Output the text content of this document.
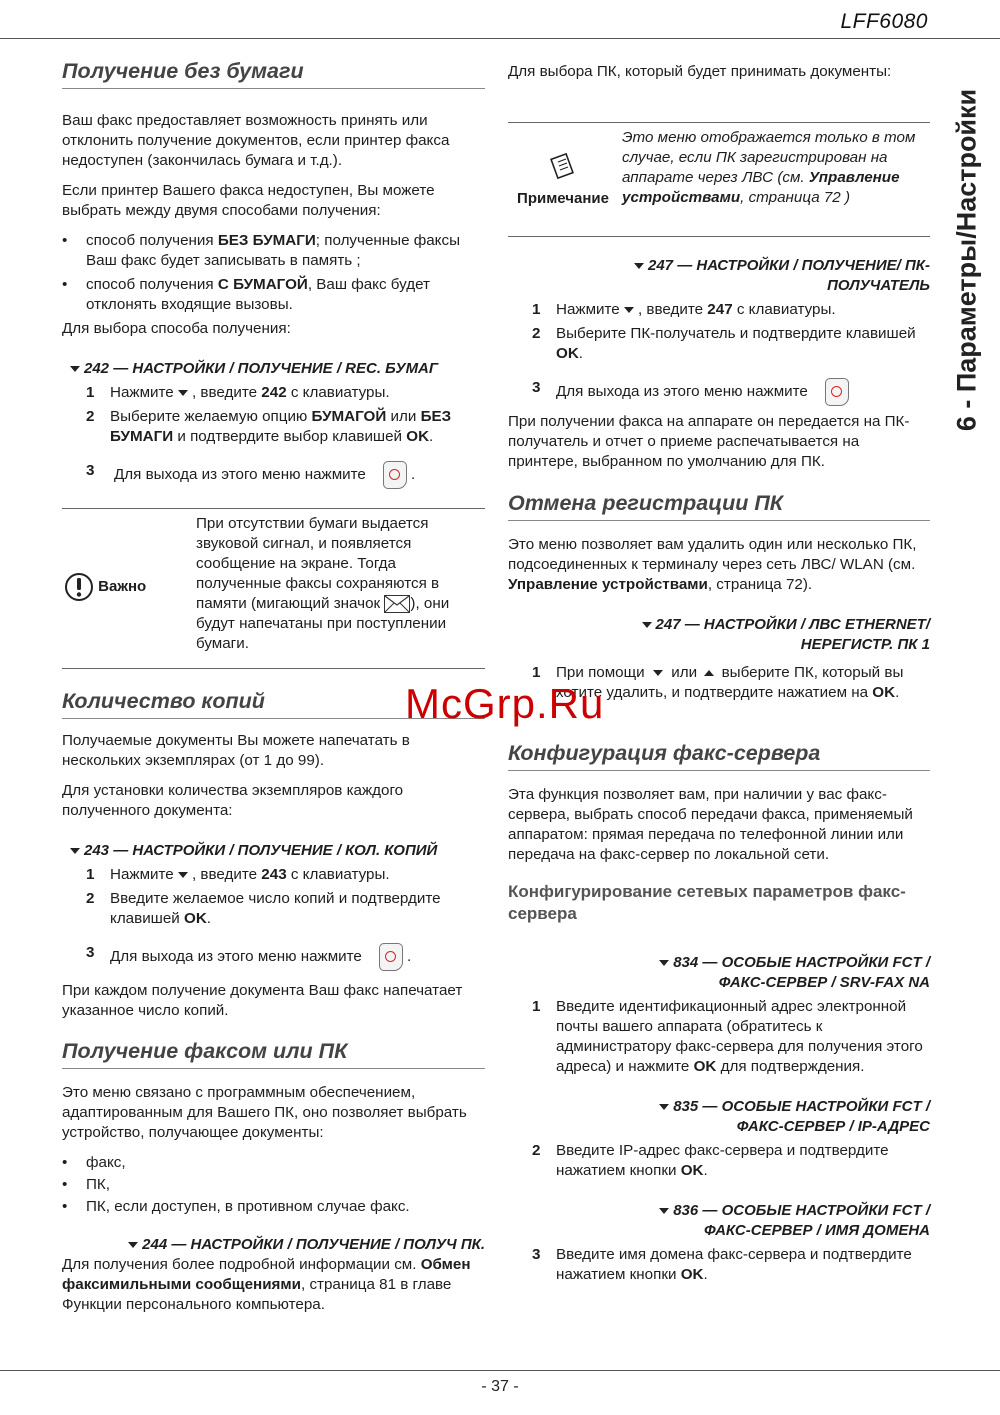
LFF6080
6 - Параметры/Настройки
- 37 -
Получение без бумаги

Ваш факс предоставляет возможность принять или отклонить получение документов, если принтер факса недоступен (закончилась бумага и т.д.).

Если принтер Вашего факса недоступен, Вы можете выбрать между двумя способами получения:

• способ получения БЕЗ БУМАГИ; полученные факсы Ваш факс будет записывать в память ;
• способ получения С БУМАГОЙ, Ваш факс будет отклонять входящие вызовы.

Для выбора способа получения:

242 — НАСТРОЙКИ / ПОЛУЧЕНИЕ / REC. БУМАГ
1 Нажмите , введите 242 с клавиатуры.
2 Выберите желаемую опцию БУМАГОЙ или БЕЗ БУМАГИ и подтвердите выбор клавишей OK.
3 Для выхода из этого меню нажмите	.
Важно
При отсутствии бумаги выдается звуковой сигнал, и появляется сообщение на экране. Тогда полученные факсы сохраняются в памяти (мигающий значок ), они будут напечатаны при поступлении бумаги.
Количество копий

Получаемые документы Вы можете напечатать в нескольких экземплярах (от 1 до 99).

Для установки количества экземпляров каждого полученного документа:

243 — НАСТРОЙКИ / ПОЛУЧЕНИЕ / КОЛ. КОПИЙ
1 Нажмите , введите 243 с клавиатуры.
2 Введите желаемое число копий и подтвердите клавишей OK.
3 Для выхода из этого меню нажмите	.

При каждом получение документа Ваш факс напечатает указанное число копий.

Получение факсом или ПК

Это меню связано с программным обеспечением, адаптированным для Вашего ПК, оно позволяет выбрать устройство, получающее документы:

• факс,
• ПК,
• ПК, если доступен, в противном случае факс.
244 — НАСТРОЙКИ / ПОЛУЧЕНИЕ / ПОЛУЧ ПК.

Для получения более подробной информации см. Обмен факсимильными сообщениями, страница 81 в главе Функции персонального компьютера.

Для выбора ПК, который будет принимать документы:

Примечание
Это меню отображается только в том случае, если ПК зарегистрирован на аппарате через ЛВС (см. Управление устройствами, страница 72 )
247 — НАСТРОЙКИ / ПОЛУЧЕНИЕ/ ПК-
ПОЛУЧАТЕЛЬ
1 Нажмите , введите 247 с клавиатуры.
2 Выберите ПК-получатель и подтвердите клавишей OK.
3 Для выхода из этого меню нажмите

При получении факса на аппарате он передается на ПК-получатель и отчет о приеме распечатывается на принтере, выбранном по умолчанию для ПК.

Отмена регистрации ПК

Это меню позволяет вам удалить один или несколько ПК, подсоединенных к терминалу через сеть ЛВС/ WLAN (см. Управление устройствами, страница 72).

247 — НАСТРОЙКИ / ЛВС ETHERNET/
НЕРЕГИСТР. ПК 1
1 При помощи или выберите ПК, который вы хотите удалить, и подтвердите нажатием на OK.
Конфигурация факс-сервера

Эта функция позволяет вам, при наличии у вас факс-сервера, выбрать способ передачи факса, применяемый аппаратом: прямая передача по телефонной линии или передача на факс-сервер по локальной сети.

Конфигурирование сетевых параметров факс-сервера
834 — ОСОБЫЕ НАСТРОЙКИ FCT /
ФАКС-СЕРВЕР / SRV-FAX NA
1 Введите идентификационный адрес электронной почты вашего аппарата (обратитесь к администратору факс-сервера для получения этого адреса) и нажмите OK для подтверждения.
835 — ОСОБЫЕ НАСТРОЙКИ FCT /
ФАКС-СЕРВЕР / IP-АДРЕС
2 Введите IP-адрес факс-сервера и подтвердите нажатием кнопки OK.
836 — ОСОБЫЕ НАСТРОЙКИ FCT /
ФАКС-СЕРВЕР / ИМЯ ДОМЕНА
3 Введите имя домена факс-сервера и подтвердите нажатием кнопки OK.
McGrp.Ru
